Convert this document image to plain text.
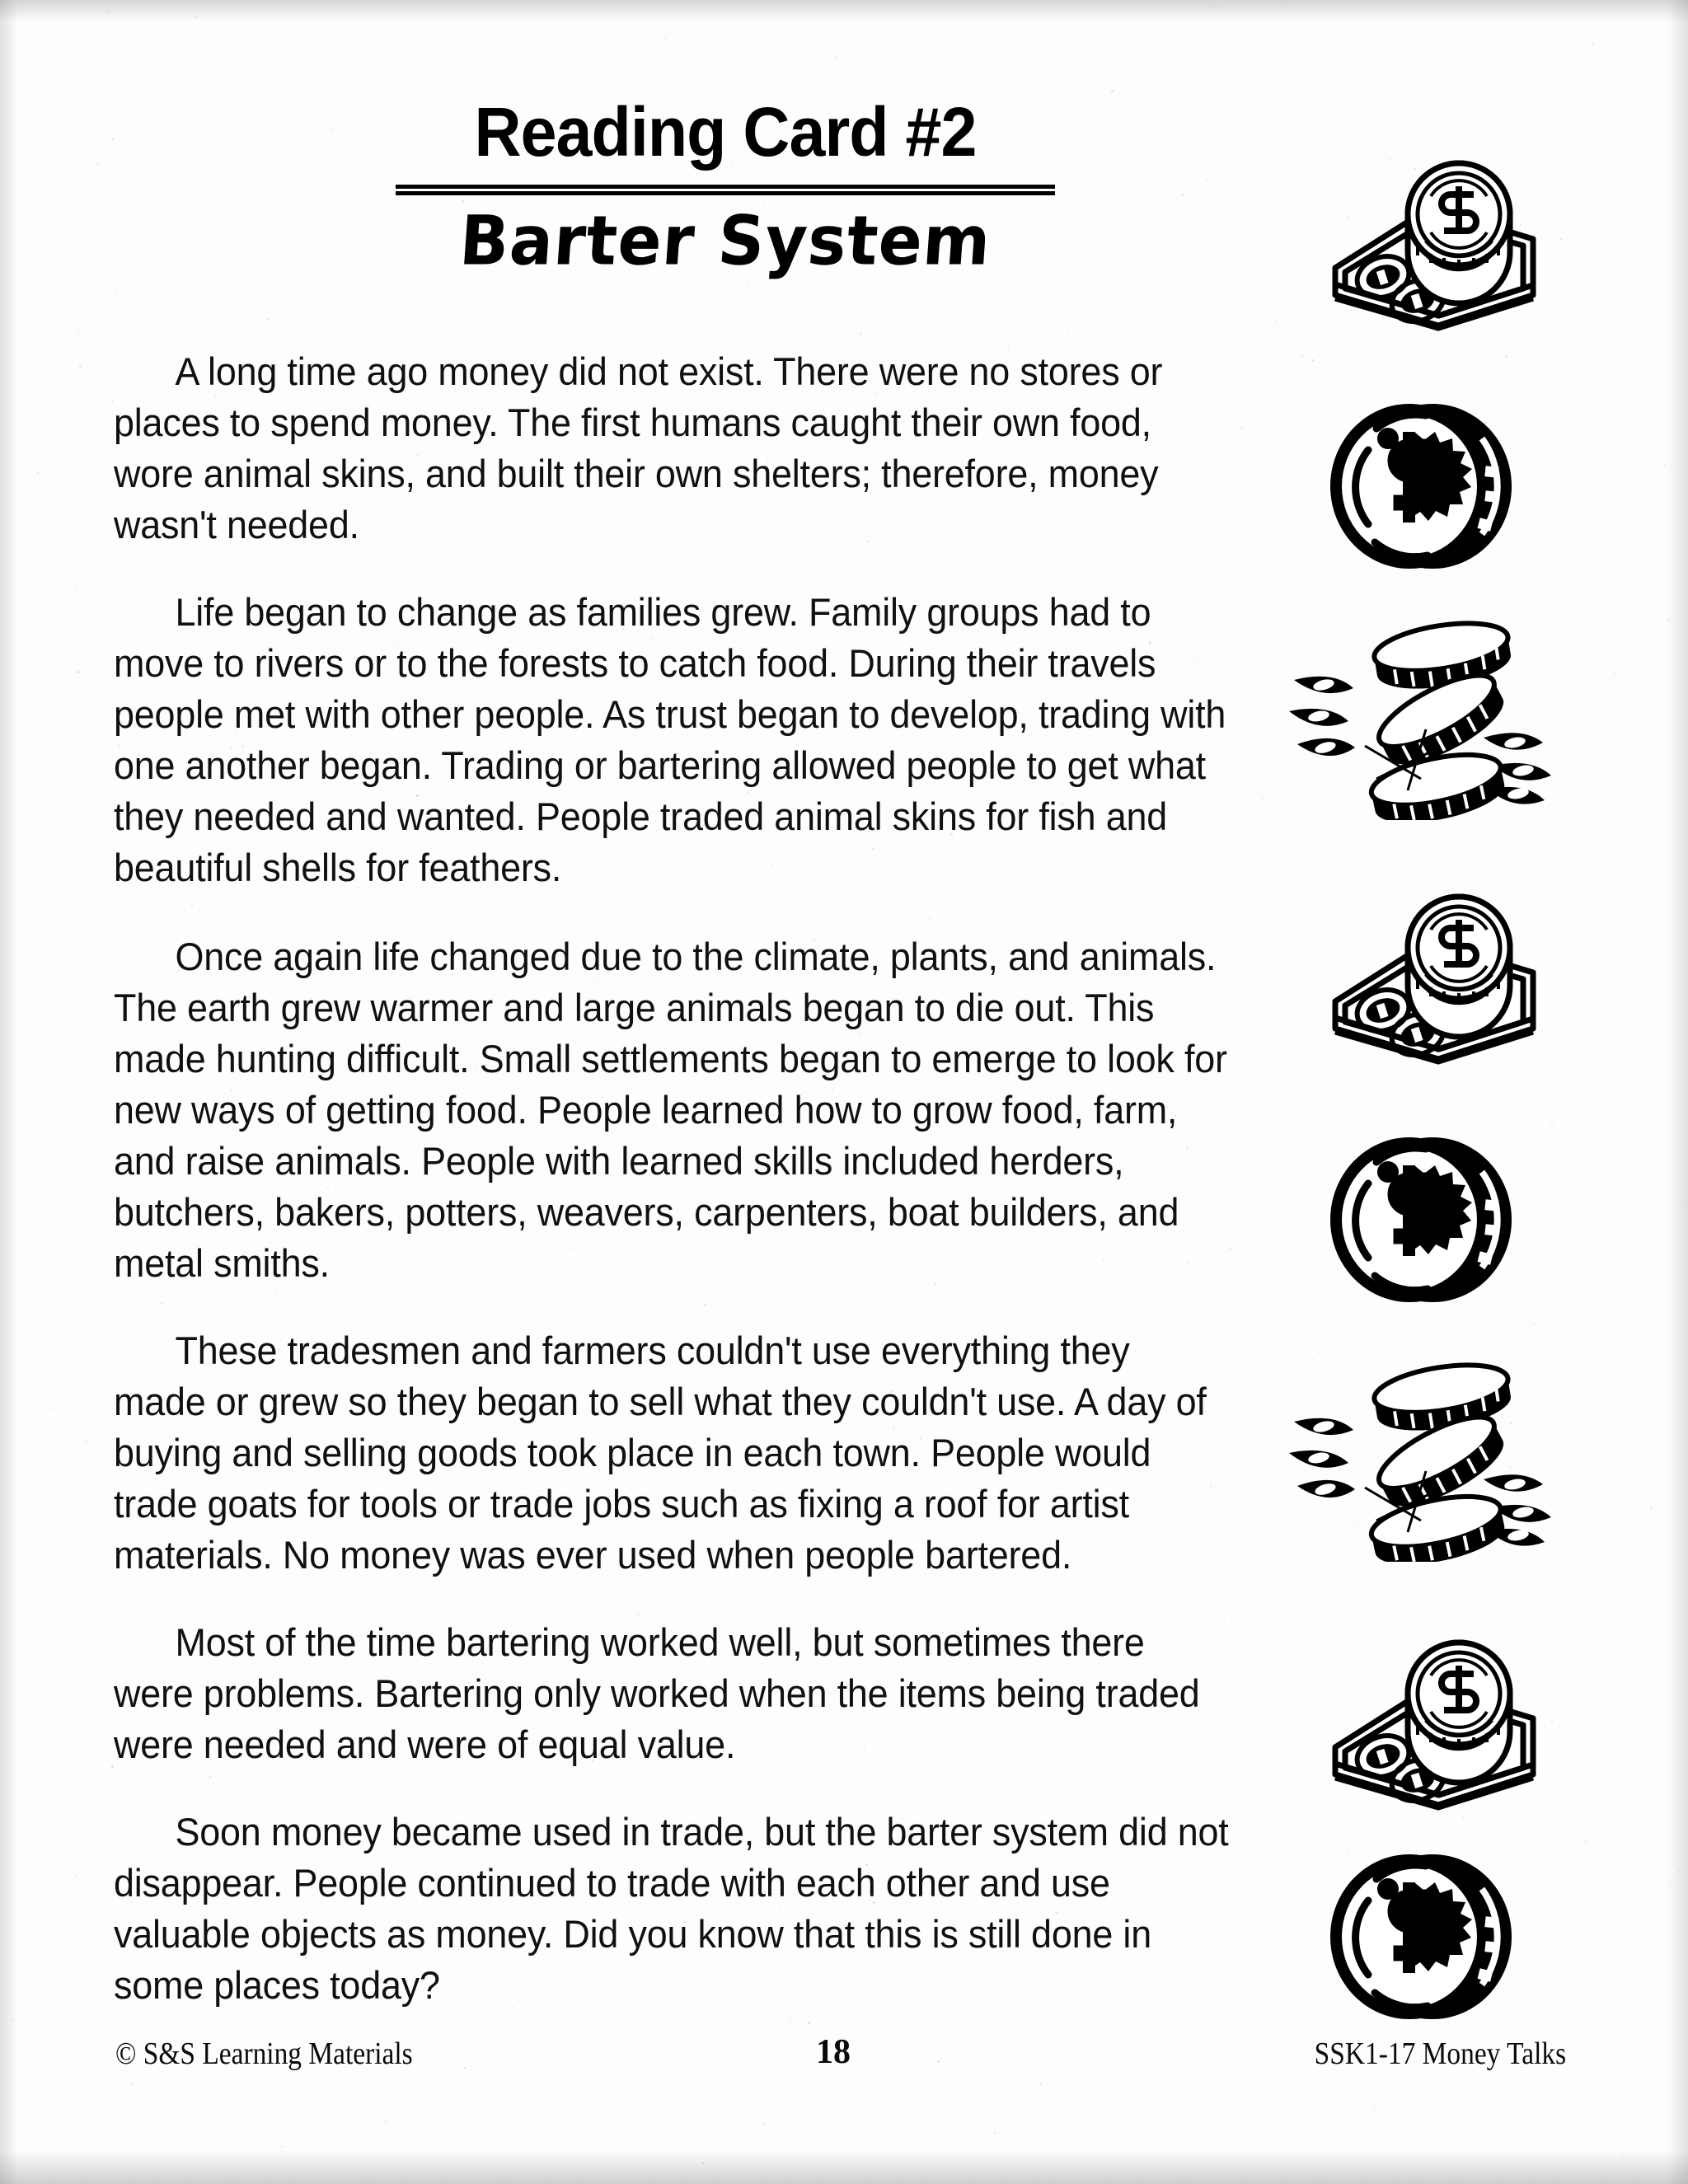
Reading Card #2
Barter System

A long time ago money did not exist. There were no stores or places to spend money. The first humans caught their own food, wore animal skins, and built their own shelters; therefore, money wasn't needed.

Life began to change as families grew. Family groups had to move to rivers or to the forests to catch food. During their travels people met with other people. As trust began to develop, trading with one another began. Trading or bartering allowed people to get what they needed and wanted. People traded animal skins for fish and beautiful shells for feathers.

Once again life changed due to the climate, plants, and animals. The earth grew warmer and large animals began to die out. This made hunting difficult. Small settlements began to emerge to look for new ways of getting food. People learned how to grow food, farm, and raise animals. People with learned skills included herders, butchers, bakers, potters, weavers, carpenters, boat builders, and metal smiths.

These tradesmen and farmers couldn't use everything they made or grew so they began to sell what they couldn't use. A day of buying and selling goods took place in each town. People would trade goats for tools or trade jobs such as fixing a roof for artist materials. No money was ever used when people bartered.

Most of the time bartering worked well, but sometimes there were problems. Bartering only worked when the items being traded were needed and were of equal value.

Soon money became used in trade, but the barter system did not disappear. People continued to trade with each other and use valuable objects as money. Did you know that this is still done in some places today?

© S&S Learning Materials	18	SSK1-17 Money Talks
